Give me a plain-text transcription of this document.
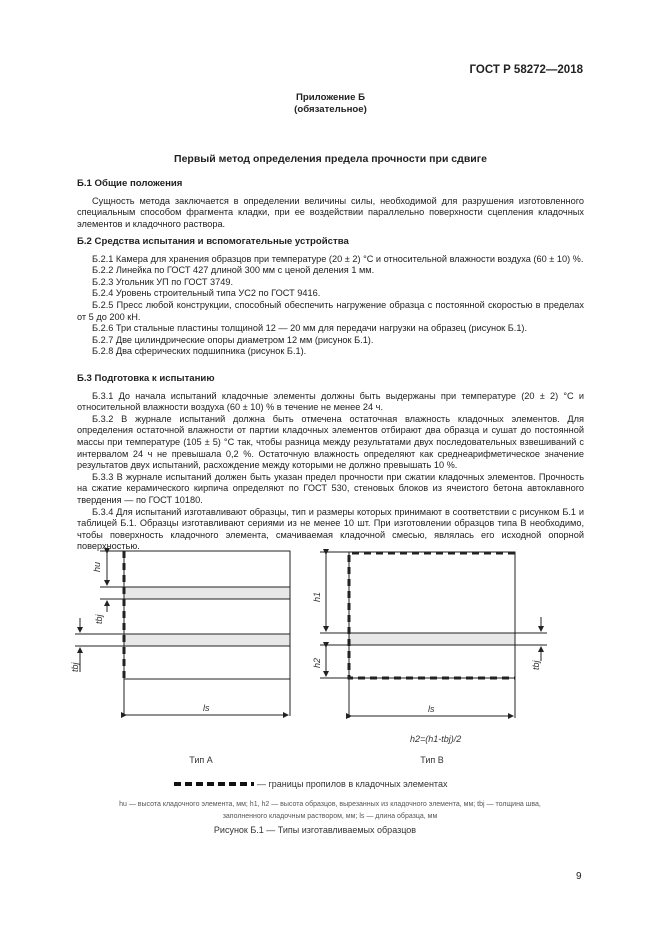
ГОСТ Р 58272—2018
Приложение Б
(обязательное)
Первый метод определения предела прочности при сдвиге
Б.1 Общие положения

Сущность метода заключается в определении величины силы, необходимой для разрушения изготовленного специальным способом фрагмента кладки, при ее воздействии параллельно поверхности сцепления кладочных элементов и кладочного раствора.

Б.2 Средства испытания и вспомогательные устройства

Б.2.1 Камера для хранения образцов при температуре (20 ± 2) °С и относительной влажности воздуха (60 ± 10) %.

Б.2.2 Линейка по ГОСТ 427 длиной 300 мм с ценой деления 1 мм.

Б.2.3 Угольник УП по ГОСТ 3749.

Б.2.4 Уровень строительный типа УС2 по ГОСТ 9416.

Б.2.5 Пресс любой конструкции, способный обеспечить нагружение образца с постоянной скоростью в пределах от 5 до 200 кН.

Б.2.6 Три стальные пластины толщиной 12 — 20 мм для передачи нагрузки на образец (рисунок Б.1).

Б.2.7 Две цилиндрические опоры диаметром 12 мм (рисунок Б.1).

Б.2.8 Два сферических подшипника (рисунок Б.1).

Б.3 Подготовка к испытанию

Б.3.1 До начала испытаний кладочные элементы должны быть выдержаны при температуре (20 ± 2) °С и относительной влажности воздуха (60 ± 10) % в течение не менее 24 ч.

Б.3.2 В журнале испытаний должна быть отмечена остаточная влажность кладочных элементов. Для определения остаточной влажности от партии кладочных элементов отбирают два образца и сушат до постоянной массы при температуре (105 ± 5) °С так, чтобы разница между результатами двух последовательных взвешиваний с интервалом 24 ч не превышала 0,2 %. Остаточную влажность определяют как среднеарифметическое значение результатов двух испытаний, расхождение между которыми не должно превышать 10 %.

Б.3.3 В журнале испытаний должен быть указан предел прочности при сжатии кладочных элементов. Прочность на сжатие керамического кирпича определяют по ГОСТ 530, стеновых блоков из ячеистого бетона автоклавного твердения — по ГОСТ 10180.

Б.3.4 Для испытаний изготавливают образцы, тип и размеры которых принимают в соответствии с рисунком Б.1 и таблицей Б.1. Образцы изготавливают сериями из не менее 10 шт. При изготовлении образцов типа В необходимо, чтобы поверхность кладочного элемента, смачиваемая кладочной смесью, являлась его исходной опорной поверхностью.

hu
tbj
tbj
ls
h1
h2	tbj
ls
h2=(h1-tbj)/2
Тип А	Тип В
— границы пропилов в кладочных элементах
hu — высота кладочного элемента, мм; h1, h2 — высота образцов, вырезанных из кладочного элемента, мм; tbj — толщина шва,
заполненного кладочным раствором, мм; ls — длина образца, мм
Рисунок Б.1 — Типы изготавливаемых образцов
9
